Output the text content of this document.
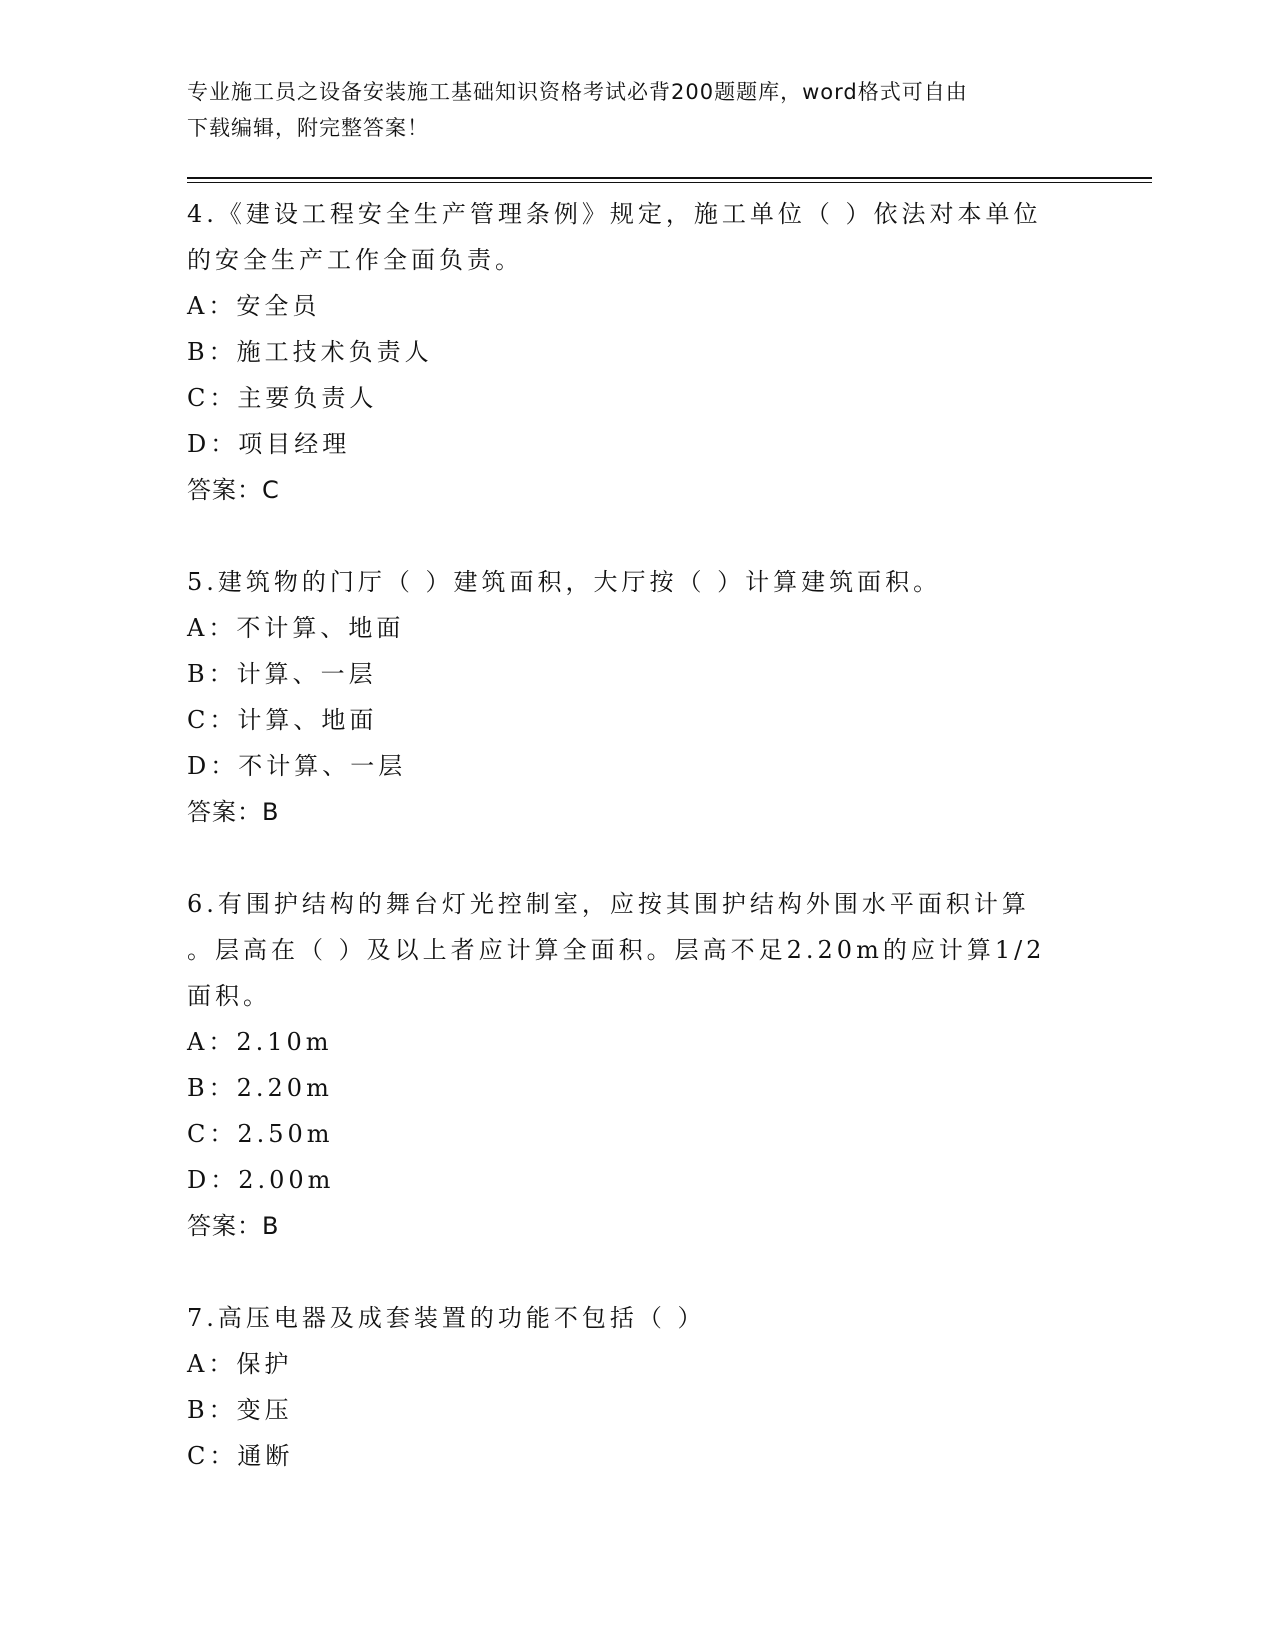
专业施工员之设备安装施工基础知识资格考试必背200题题库，word格式可自由
下载编辑，附完整答案！

4.《建设工程安全生产管理条例》规定，施工单位（ ）依法对本单位

的安全生产工作全面负责。

A：安全员

B：施工技术负责人

C：主要负责人

D：项目经理

答案：C

5.建筑物的门厅（ ）建筑面积，大厅按（ ）计算建筑面积。

A：不计算、地面

B：计算、一层

C：计算、地面

D：不计算、一层

答案：B

6.有围护结构的舞台灯光控制室，应按其围护结构外围水平面积计算

。层高在（ ）及以上者应计算全面积。层高不足2.20m的应计算1/2

面积。

A：2.10m

B：2.20m

C：2.50m

D：2.00m

答案：B

7.高压电器及成套装置的功能不包括（ ）

A：保护

B：变压

C：通断
